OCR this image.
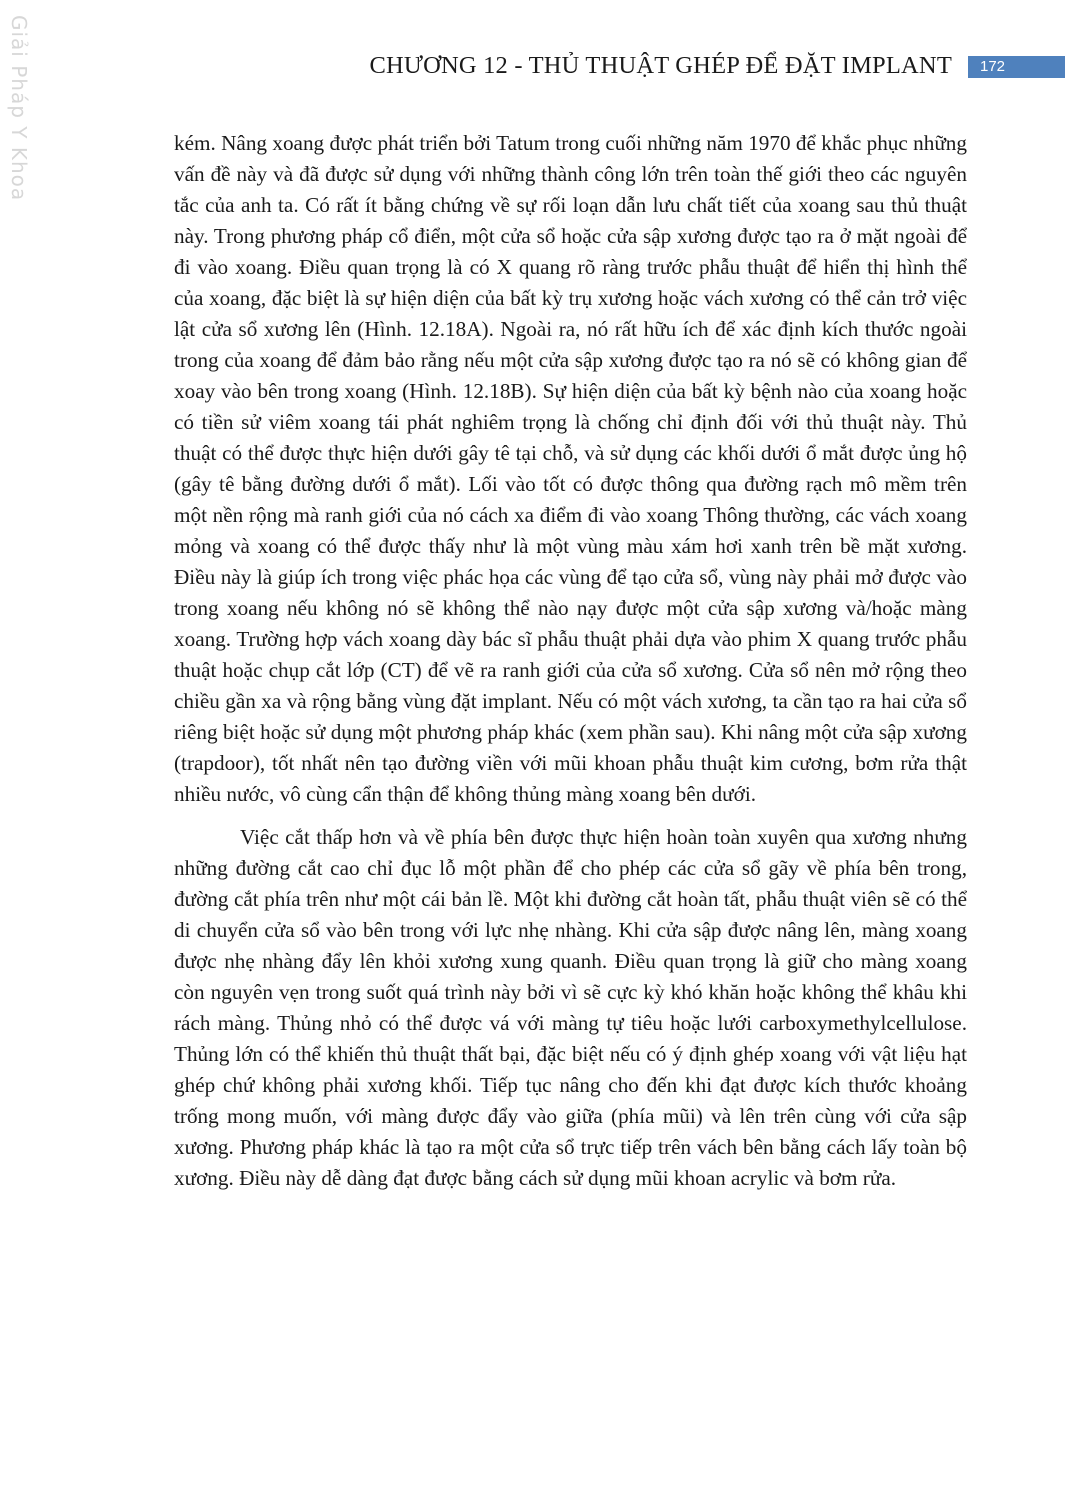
Giải Pháp Y Khoa	CHƯƠNG 12 - THỦ THUẬT GHÉP ĐỂ ĐẶT IMPLANT	172

kém. Nâng xoang được phát triển bởi Tatum trong cuối những năm 1970 để khắc phục những vấn đề này và đã được sử dụng với những thành công lớn trên toàn thế giới theo các nguyên tắc của anh ta. Có rất ít bằng chứng về sự rối loạn dẫn lưu chất tiết của xoang sau thủ thuật này. Trong phương pháp cổ điển, một cửa sổ hoặc cửa sập xương được tạo ra ở mặt ngoài để đi vào xoang. Điều quan trọng là có X quang rõ ràng trước phẫu thuật để hiển thị hình thể của xoang, đặc biệt là sự hiện diện của bất kỳ trụ xương hoặc vách xương có thể cản trở việc lật cửa sổ xương lên (Hình. 12.18A). Ngoài ra, nó rất hữu ích để xác định kích thước ngoài trong của xoang để đảm bảo rằng nếu một cửa sập xương được tạo ra nó sẽ có không gian để xoay vào bên trong xoang (Hình. 12.18B). Sự hiện diện của bất kỳ bệnh nào của xoang hoặc có tiền sử viêm xoang tái phát nghiêm trọng là chống chỉ định đối với thủ thuật này. Thủ thuật có thể được thực hiện dưới gây tê tại chỗ, và sử dụng các khối dưới ổ mắt được ủng hộ (gây tê bằng đường dưới ổ mắt). Lối vào tốt có được thông qua đường rạch mô mềm trên một nền rộng mà ranh giới của nó cách xa điểm đi vào xoang Thông thường, các vách xoang mỏng và xoang có thể được thấy như là một vùng màu xám hơi xanh trên bề mặt xương. Điều này là giúp ích trong việc phác họa các vùng để tạo cửa sổ, vùng này phải mở được vào trong xoang nếu không nó sẽ không thể nào nạy được một cửa sập xương và/hoặc màng xoang. Trường hợp vách xoang dày bác sĩ phẫu thuật phải dựa vào phim X quang trước phẫu thuật hoặc chụp cắt lớp (CT) để vẽ ra ranh giới của cửa sổ xương. Cửa sổ nên mở rộng theo chiều gần xa và rộng bằng vùng đặt implant. Nếu có một vách xương, ta cần tạo ra hai cửa sổ riêng biệt hoặc sử dụng một phương pháp khác (xem phần sau). Khi nâng một cửa sập xương (trapdoor), tốt nhất nên tạo đường viền với mũi khoan phẫu thuật kim cương, bơm rửa thật nhiều nước, vô cùng cẩn thận để không thủng màng xoang bên dưới.

Việc cắt thấp hơn và về phía bên được thực hiện hoàn toàn xuyên qua xương nhưng những đường cắt cao chỉ đục lỗ một phần để cho phép các cửa sổ gãy về phía bên trong, đường cắt phía trên như một cái bản lề. Một khi đường cắt hoàn tất, phẫu thuật viên sẽ có thể di chuyển cửa sổ vào bên trong với lực nhẹ nhàng. Khi cửa sập được nâng lên, màng xoang được nhẹ nhàng đẩy lên khỏi xương xung quanh. Điều quan trọng là giữ cho màng xoang còn nguyên vẹn trong suốt quá trình này bởi vì sẽ cực kỳ khó khăn hoặc không thể khâu khi rách màng. Thủng nhỏ có thể được vá với màng tự tiêu hoặc lưới carboxymethylcellulose. Thủng lớn có thể khiến thủ thuật thất bại, đặc biệt nếu có ý định ghép xoang với vật liệu hạt ghép chứ không phải xương khối. Tiếp tục nâng cho đến khi đạt được kích thước khoảng trống mong muốn, với màng được đẩy vào giữa (phía mũi) và lên trên cùng với cửa sập xương. Phương pháp khác là tạo ra một cửa sổ trực tiếp trên vách bên bằng cách lấy toàn bộ xương. Điều này dễ dàng đạt được bằng cách sử dụng mũi khoan acrylic và bơm rửa.
